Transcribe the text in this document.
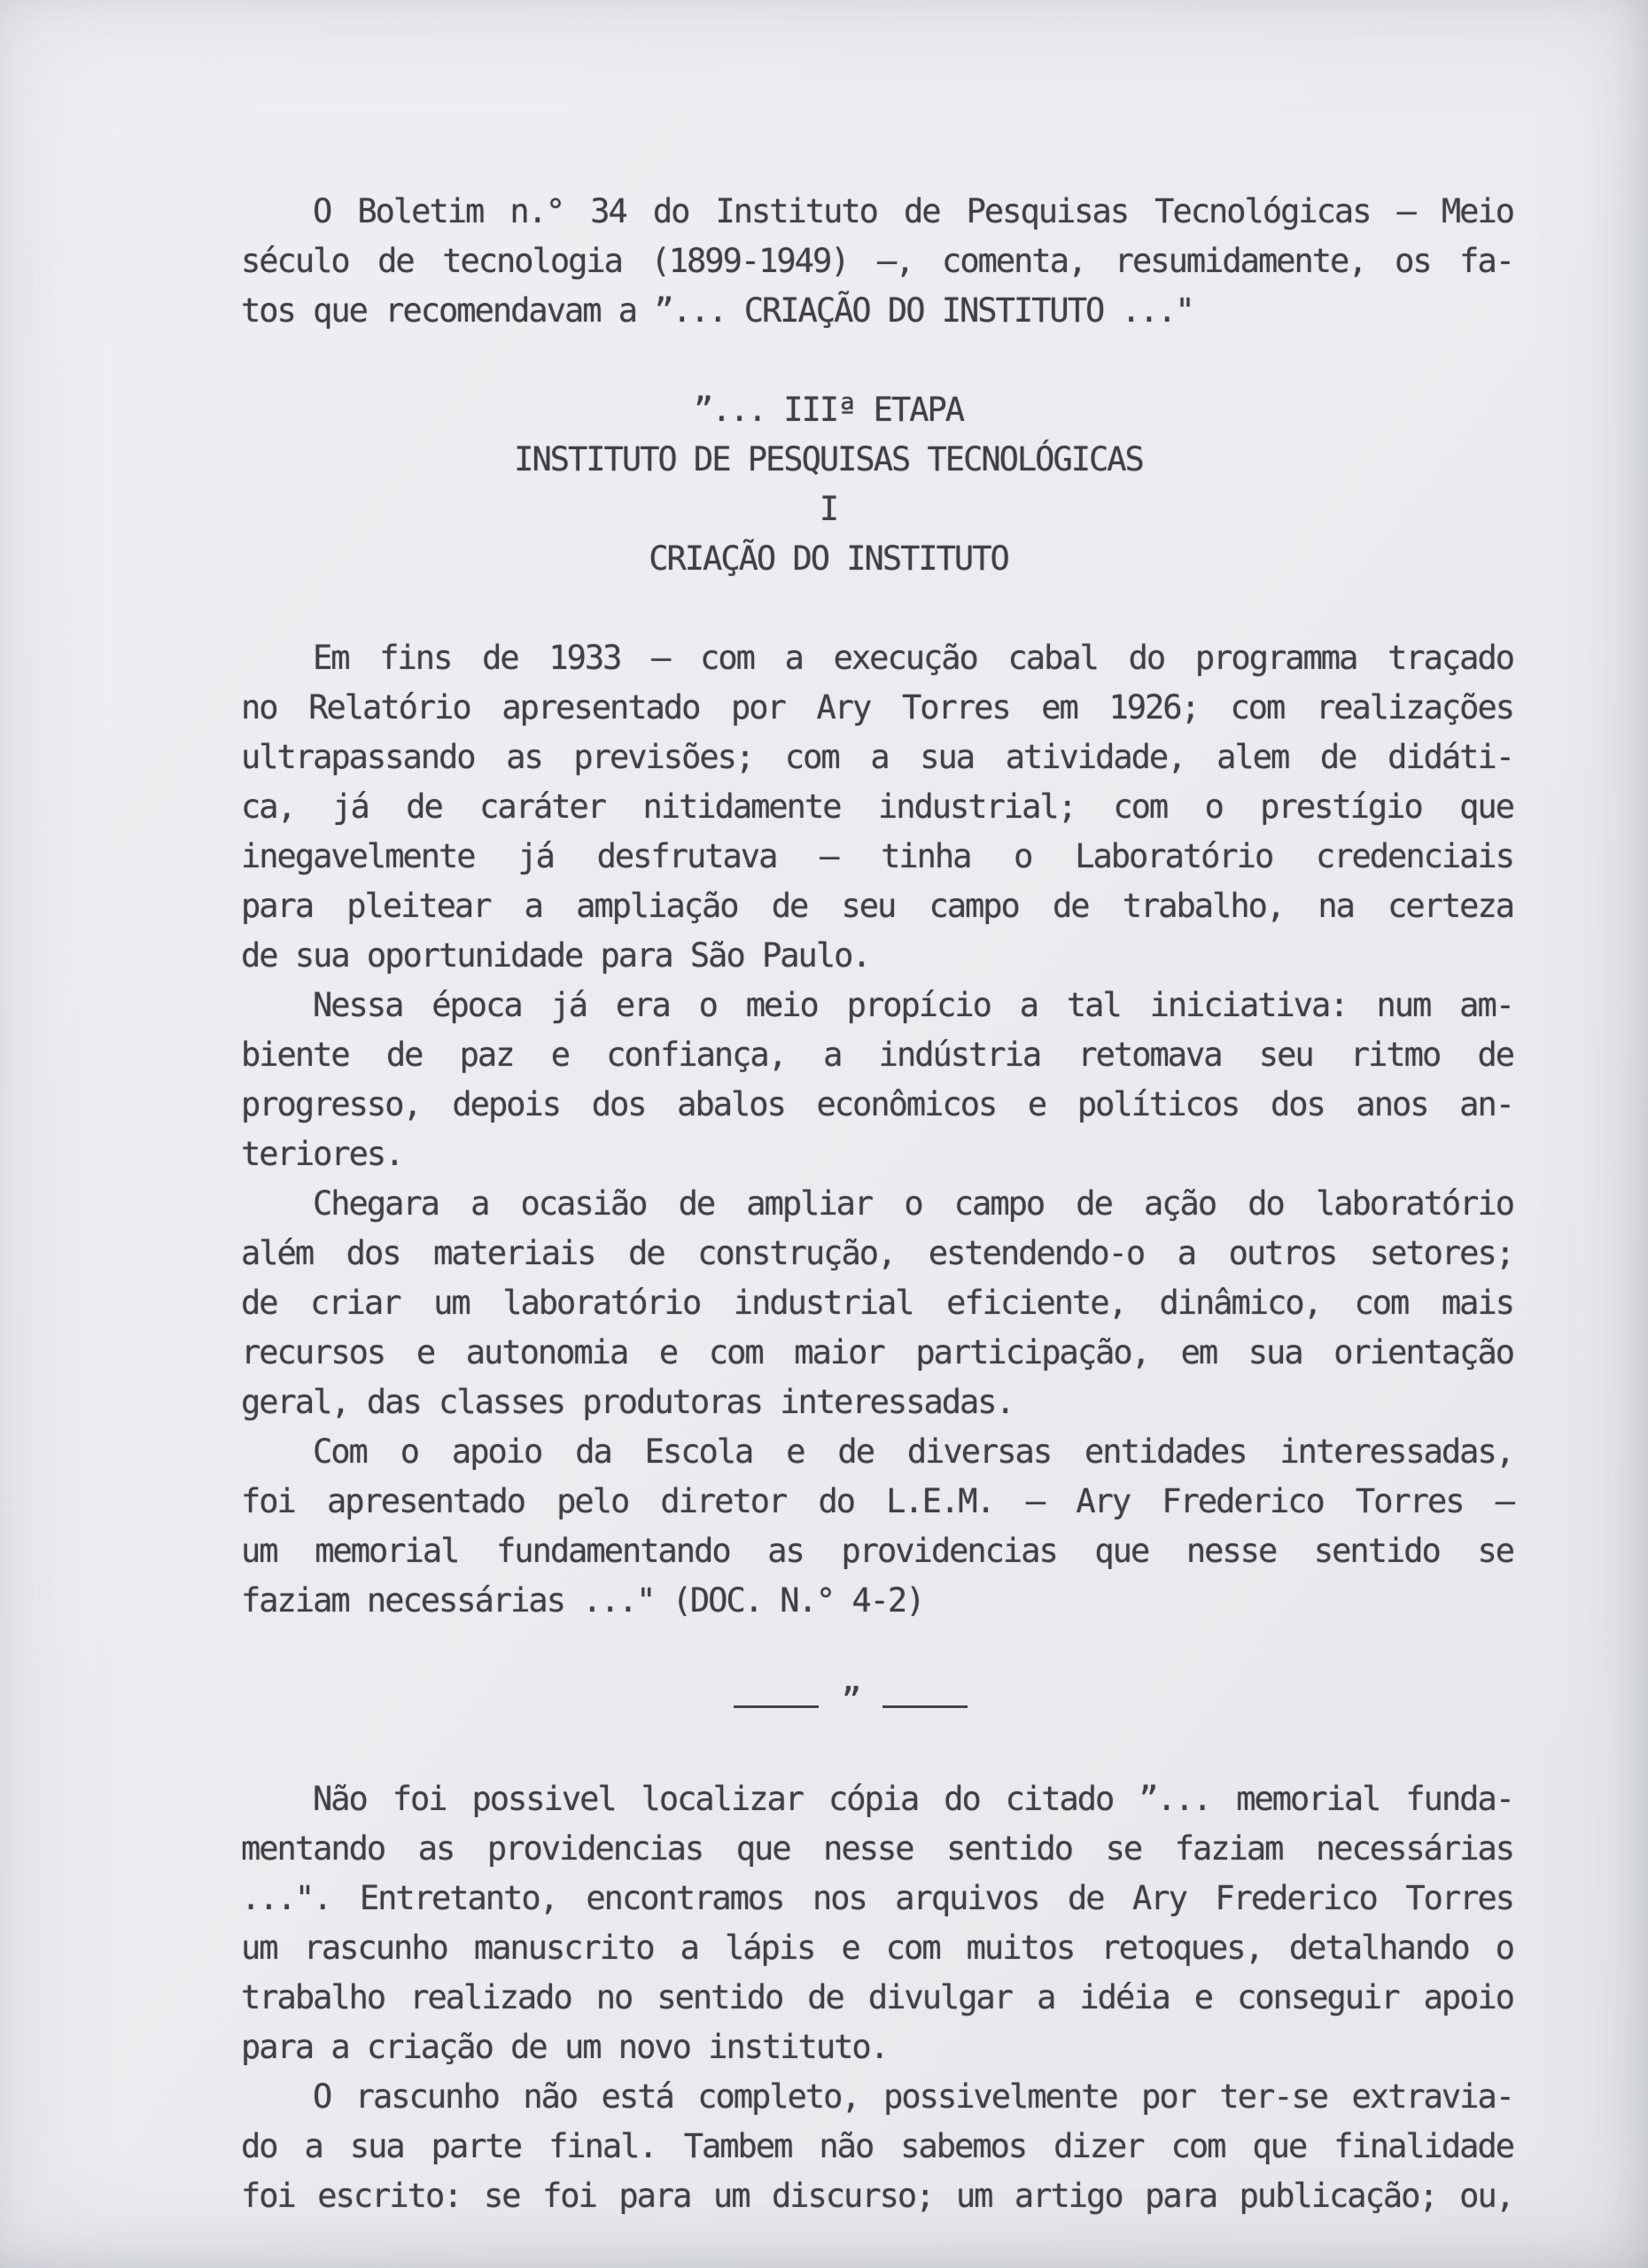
O Boletim n.° 34 do Instituto de Pesquisas Tecnológicas — Meio
século de tecnologia (1899-1949) —, comenta, resumidamente, os fa-
tos que recomendavam a ”... CRIAÇÃO DO INSTITUTO ..."
”... IIIª ETAPA
INSTITUTO DE PESQUISAS TECNOLÓGICAS
I
CRIAÇÃO DO INSTITUTO
Em fins de 1933 — com a execução cabal do programma traçado
no Relatório apresentado por Ary Torres em 1926; com realizações
ultrapassando as previsões; com a sua atividade, alem de didáti-
ca, já de caráter nitidamente industrial; com o prestígio que
inegavelmente já desfrutava — tinha o Laboratório credenciais
para pleitear a ampliação de seu campo de trabalho, na certeza
de sua oportunidade para São Paulo.
Nessa época já era o meio propício a tal iniciativa: num am-
biente de paz e confiança, a indústria retomava seu ritmo de
progresso, depois dos abalos econômicos e políticos dos anos an-
teriores.
Chegara a ocasião de ampliar o campo de ação do laboratório
além dos materiais de construção, estendendo-o a outros setores;
de criar um laboratório industrial eficiente, dinâmico, com mais
recursos e autonomia e com maior participação, em sua orientação
geral, das classes produtoras interessadas.
Com o apoio da Escola e de diversas entidades interessadas,
foi apresentado pelo diretor do L.E.M. — Ary Frederico Torres —
um memorial fundamentando as providencias que nesse sentido se
faziam necessárias ..." (DOC. N.° 4-2)
”
Não foi possivel localizar cópia do citado ”... memorial funda-
mentando as providencias que nesse sentido se faziam necessárias
...". Entretanto, encontramos nos arquivos de Ary Frederico Torres
um rascunho manuscrito a lápis e com muitos retoques, detalhando o
trabalho realizado no sentido de divulgar a idéia e conseguir apoio
para a criação de um novo instituto.
O rascunho não está completo, possivelmente por ter-se extravia-
do a sua parte final. Tambem não sabemos dizer com que finalidade
foi escrito: se foi para um discurso; um artigo para publicação; ou,
